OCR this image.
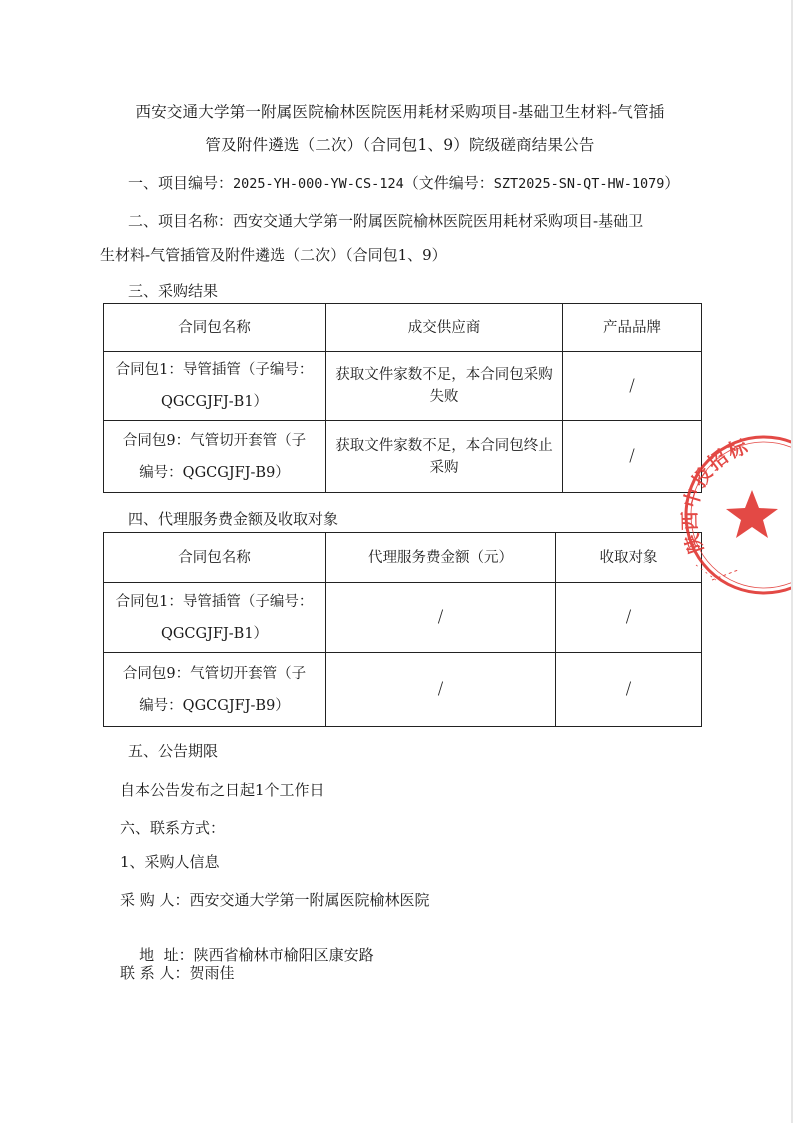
西安交通大学第一附属医院榆林医院医用耗材采购项目-基础卫生材料-气管插
管及附件遴选（二次）（合同包1、9）院级磋商结果公告
一、项目编号：2025-YH-000-YW-CS-124（文件编号：SZT2025-SN-QT-HW-1079）
二、项目名称：西安交通大学第一附属医院榆林医院医用耗材采购项目-基础卫
生材料-气管插管及附件遴选（二次）（合同包1、9）
三、采购结果
合同包名称	成交供应商	产品品牌

合同包1：导管插管（子编号：
QGCGJFJ-B1）	获取文件家数不足，本合同包采购失败	/

合同包9：气管切开套管（子
编号：QGCGJFJ-B9）	获取文件家数不足，本合同包终止采购	/
四、代理服务费金额及收取对象
合同包名称	代理服务费金额（元）	收取对象

合同包1：导管插管（子编号：
QGCGJFJ-B1）	/	/

合同包9：气管切开套管（子
编号：QGCGJFJ-B9）	/	/
五、公告期限
自本公告发布之日起1个工作日
六、联系方式：
1、采购人信息
采 购 人：西安交通大学第一附属医院榆林医院

地  址：陕西省榆林市榆阳区康安路

联 系 人：贺雨佳
陕西中投招标
